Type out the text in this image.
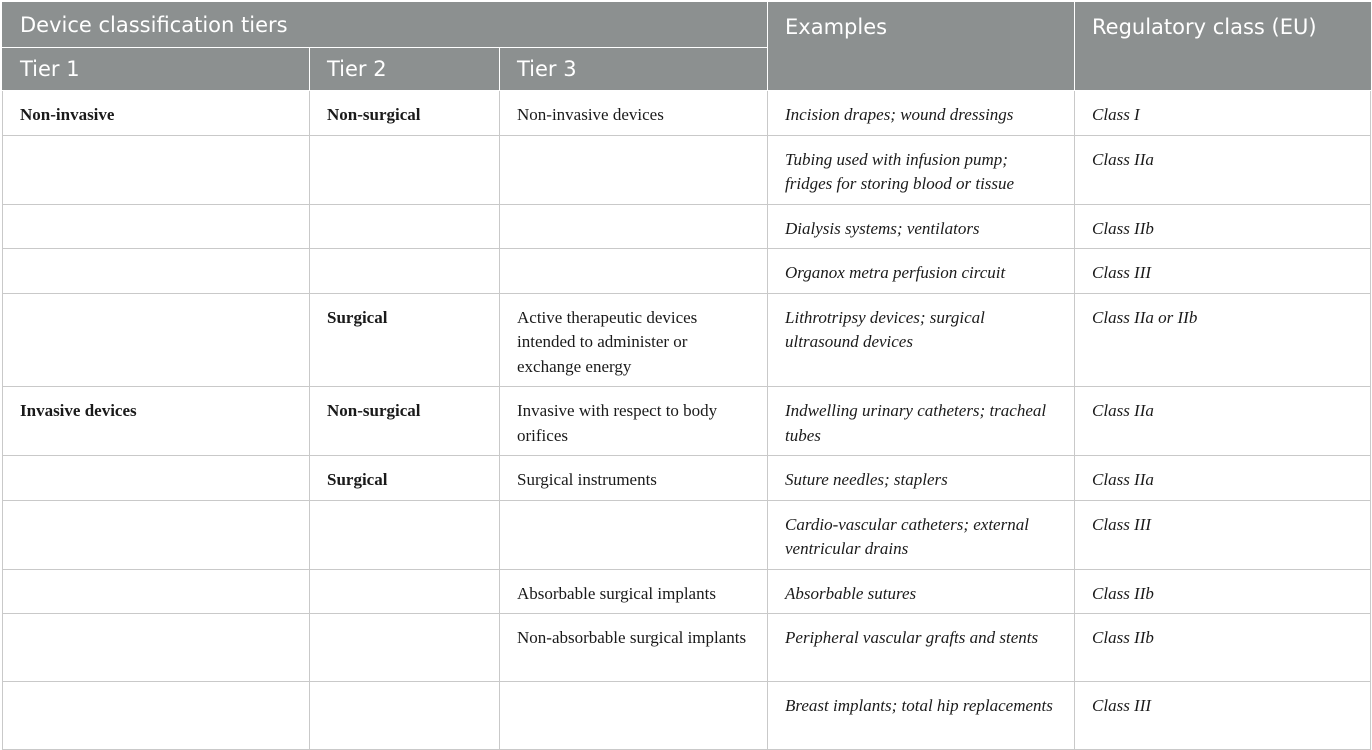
Device classification tiers			Examples	Regulatory class (EU)
Tier 1	Tier 2	Tier 3		
Non-invasive	Non-surgical	Non-invasive devices	Incision drapes; wound dressings	Class I
			Tubing used with infusion pump; fridges for storing blood or tissue	Class IIa
			Dialysis systems; ventilators	Class IIb
			Organox metra perfusion circuit	Class III
	Surgical	Active therapeutic devices intended to administer or exchange energy	Lithrotripsy devices; surgical ultrasound devices	Class IIa or IIb
Invasive devices	Non-surgical	Invasive with respect to body orifices	Indwelling urinary catheters; tracheal tubes	Class IIa
	Surgical	Surgical instruments	Suture needles; staplers	Class IIa
			Cardio-vascular catheters; external ventricular drains	Class III
		Absorbable surgical implants	Absorbable sutures	Class IIb
		Non-absorbable surgical implants	Peripheral vascular grafts and stents	Class IIb
			Breast implants; total hip replacements	Class III
